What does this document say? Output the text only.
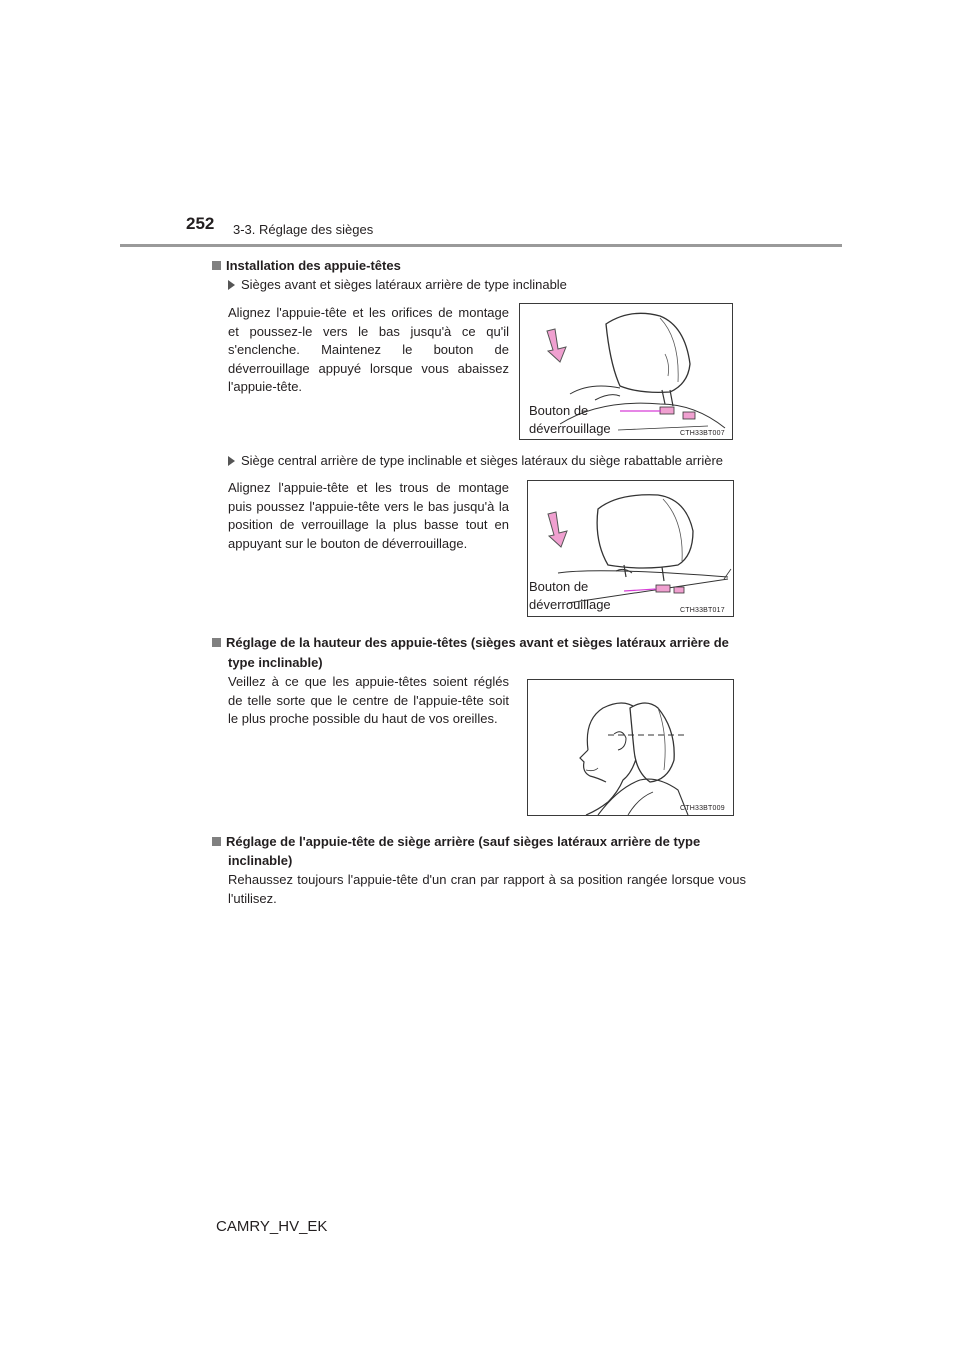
252 3-3. Réglage des sièges
Installation des appuie-têtes
Sièges avant et sièges latéraux arrière de type inclinable
Alignez l'appuie-tête et les orifices de montage et poussez-le vers le bas jusqu'à ce qu'il s'enclenche. Maintenez le bouton de déverrouillage appuyé lorsque vous abaissez l'appuie-tête.
Bouton de
déverrouillage	CTH33BT007
Siège central arrière de type inclinable et sièges latéraux du siège rabattable arrière
Alignez l'appuie-tête et les trous de montage puis poussez l'appuie-tête vers le bas jusqu'à la position de verrouillage la plus basse tout en appuyant sur le bouton de déverrouillage.
Bouton de
déverrouillage	CTH33BT017
Réglage de la hauteur des appuie-têtes (sièges avant et sièges latéraux arrière de
type inclinable)
Veillez à ce que les appuie-têtes soient réglés de telle sorte que le centre de l'appuie-tête soit le plus proche possible du haut de vos oreilles.
CTH33BT009
Réglage de l'appuie-tête de siège arrière (sauf sièges latéraux arrière de type
inclinable)
Rehaussez toujours l'appuie-tête d'un cran par rapport à sa position rangée lorsque vous l'utilisez.
CAMRY_HV_EK
